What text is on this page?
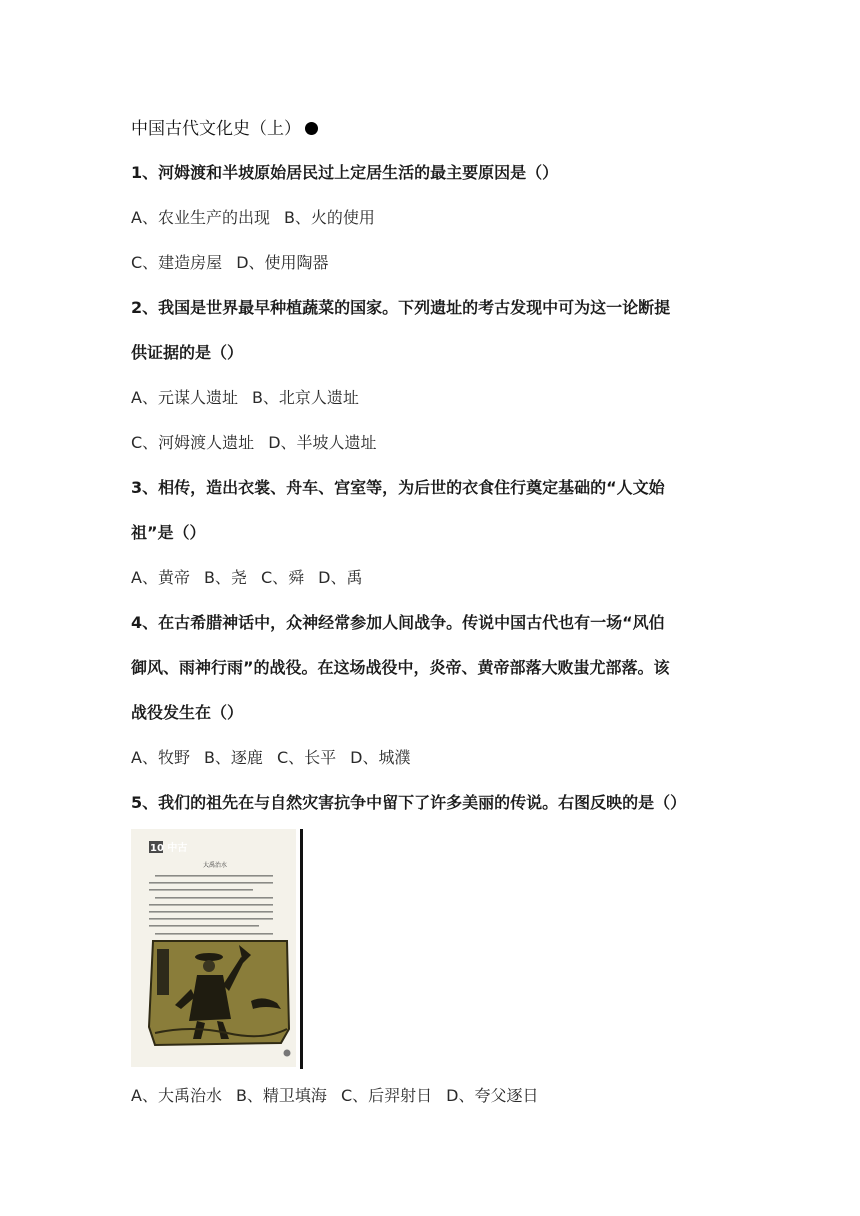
中国古代文化史（上）
1、河姆渡和半坡原始居民过上定居生活的最主要原因是（）
A、农业生产的出现 B、火的使用
C、建造房屋 D、使用陶器
2、我国是世界最早种植蔬菜的国家。下列遗址的考古发现中可为这一论断提
供证据的是（）
A、元谋人遗址 B、北京人遗址
C、河姆渡人遗址 D、半坡人遗址
3、相传，造出衣裳、舟车、宫室等，为后世的衣食住行奠定基础的“人文始
祖”是（）
A、黄帝 B、尧 C、舜 D、禹
4、在古希腊神话中，众神经常参加人间战争。传说中国古代也有一场“风伯
御风、雨神行雨”的战役。在这场战役中，炎帝、黄帝部落大败蚩尤部落。该
战役发生在（）
A、牧野 B、逐鹿 C、长平 D、城濮
5、我们的祖先在与自然灾害抗争中留下了许多美丽的传说。右图反映的是（）
10 中古
大禹治水
A、大禹治水 B、精卫填海 C、后羿射日 D、夸父逐日
